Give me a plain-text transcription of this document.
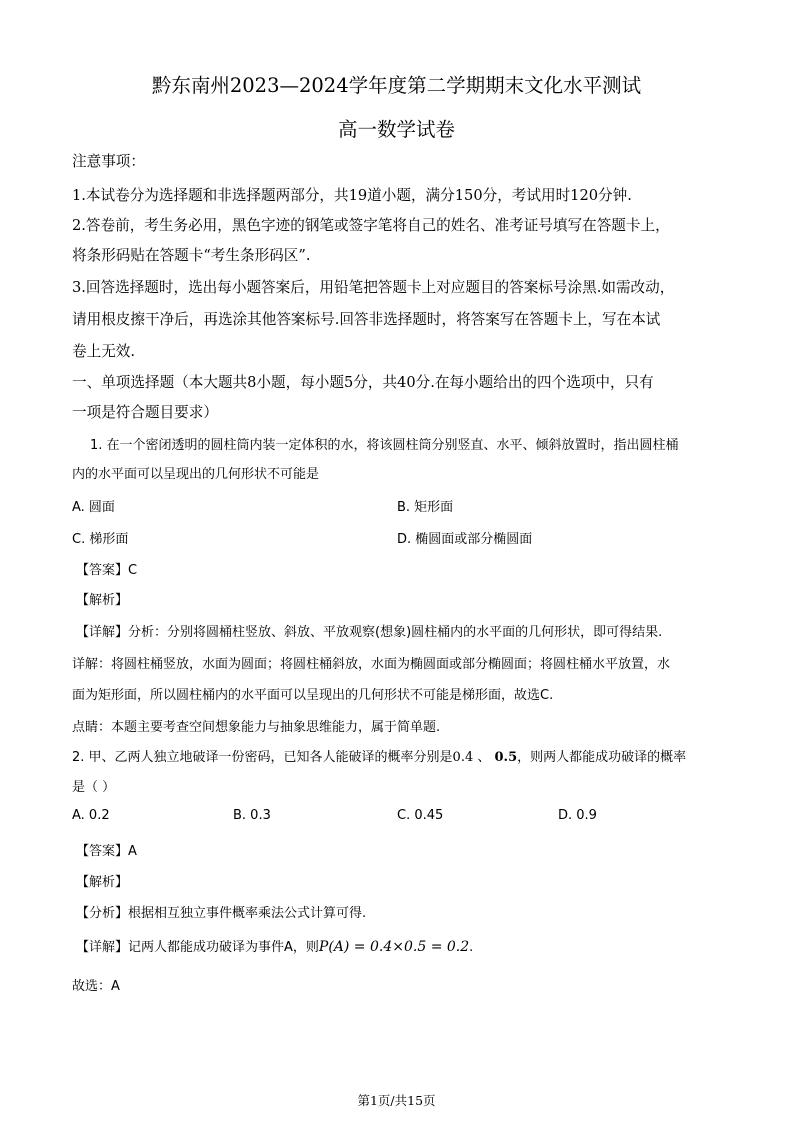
黔东南州2023—2024学年度第二学期期末文化水平测试
高一数学试卷
注意事项：
1.本试卷分为选择题和非选择题两部分，共19道小题，满分150分，考试用时120分钟.
2.答卷前，考生务必用，黑色字迹的钢笔或签字笔将自己的姓名、准考证号填写在答题卡上，
将条形码贴在答题卡“考生条形码区”.
3.回答选择题时，选出每小题答案后，用铅笔把答题卡上对应题目的答案标号涂黑.如需改动，
请用根皮擦干净后，再选涂其他答案标号.回答非选择题时，将答案写在答题卡上，写在本试
卷上无效.
一、单项选择题（本大题共8小题，每小题5分，共40分.在每小题给出的四个选项中，只有
一项是符合题目要求）
1. 在一个密闭透明的圆柱筒内装一定体积的水，将该圆柱筒分别竖直、水平、倾斜放置时，指出圆柱桶
内的水平面可以呈现出的几何形状不可能是
A. 圆面	B. 矩形面
C. 梯形面	D. 椭圆面或部分椭圆面
【答案】C
【解析】
【详解】分析：分别将圆桶柱竖放、斜放、平放观察(想象)圆柱桶内的水平面的几何形状，即可得结果.
详解：将圆柱桶竖放，水面为圆面；将圆柱桶斜放，水面为椭圆面或部分椭圆面；将圆柱桶水平放置，水
面为矩形面，所以圆柱桶内的水平面可以呈现出的几何形状不可能是梯形面，故选C.
点睛：本题主要考查空间想象能力与抽象思维能力，属于简单题.
2. 甲、乙两人独立地破译一份密码，已知各人能破译的概率分别是0.4 、 0.5，则两人都能成功破译的概率
是（ ）
A. 0.2	B. 0.3	C. 0.45	D. 0.9
【答案】A
【解析】
【分析】根据相互独立事件概率乘法公式计算可得.
【详解】记两人都能成功破译为事件A，则P(A) = 0.4×0.5 = 0.2.
故选：A
第1页/共15页
